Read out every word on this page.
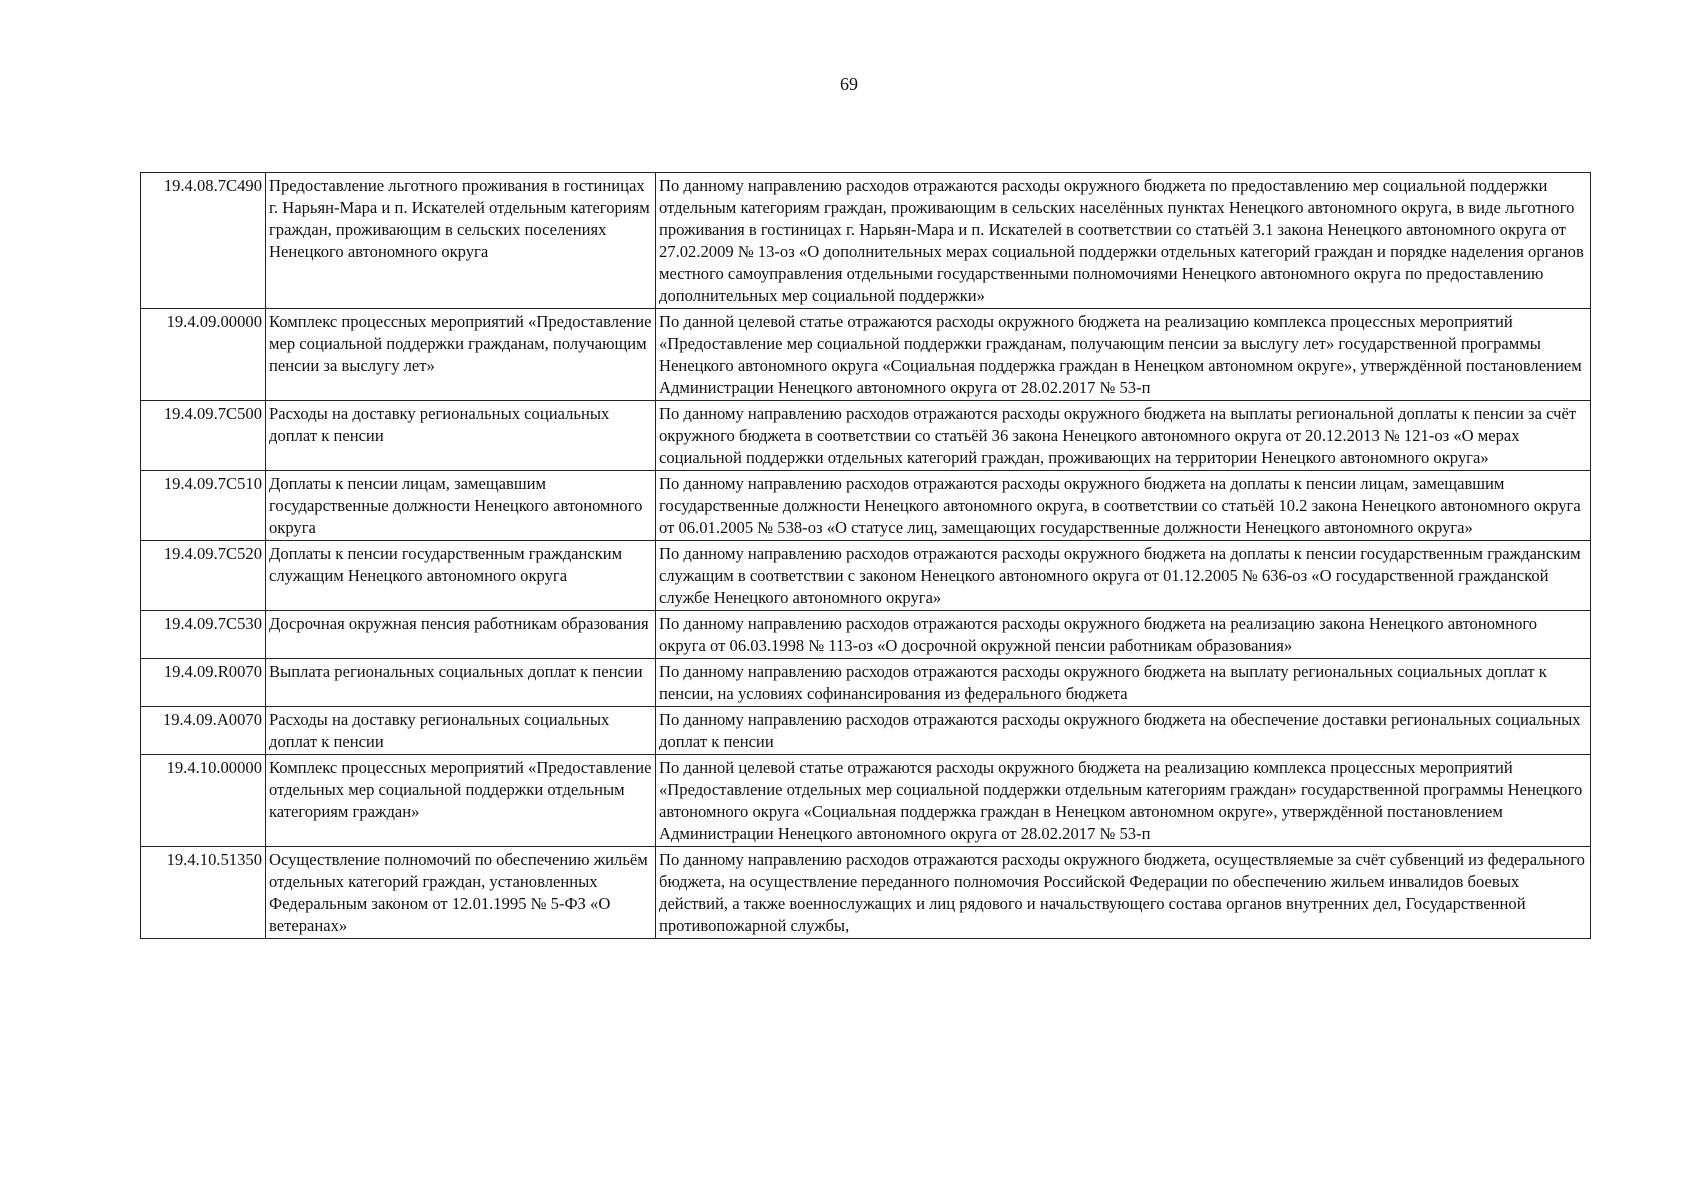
69
19.4.08.7С490	Предоставление льготного проживания в гостиницах г. Нарьян-Мара и п. Искателей отдельным категориям граждан, проживающим в сельских поселениях Ненецкого автономного округа	По данному направлению расходов отражаются расходы окружного бюджета по предоставлению мер социальной поддержки отдельным категориям граждан, проживающим в сельских населённых пунктах Ненецкого автономного округа, в виде льготного проживания в гостиницах г. Нарьян-Мара и п. Искателей в соответствии со статьёй 3.1 закона Ненецкого автономного округа от 27.02.2009 № 13-оз «О дополнительных мерах социальной поддержки отдельных категорий граждан и порядке наделения органов местного самоуправления отдельными государственными полномочиями Ненецкого автономного округа по предоставлению дополнительных мер социальной поддержки»
19.4.09.00000	Комплекс процессных мероприятий «Предоставление мер социальной поддержки гражданам, получающим пенсии за выслугу лет»	По данной целевой статье отражаются расходы окружного бюджета на реализацию комплекса процессных мероприятий «Предоставление мер социальной поддержки гражданам, получающим пенсии за выслугу лет» государственной программы Ненецкого автономного округа «Социальная поддержка граждан в Ненецком автономном округе», утверждённой постановлением Администрации Ненецкого автономного округа от 28.02.2017 № 53-п
19.4.09.7С500	Расходы на доставку региональных социальных доплат к пенсии	По данному направлению расходов отражаются расходы окружного бюджета на выплаты региональной доплаты к пенсии за счёт окружного бюджета в соответствии со статьёй 36 закона Ненецкого автономного округа от 20.12.2013 № 121-оз «О мерах социальной поддержки отдельных категорий граждан, проживающих на территории Ненецкого автономного округа»
19.4.09.7С510	Доплаты к пенсии лицам, замещавшим государственные должности Ненецкого автономного округа	По данному направлению расходов отражаются расходы окружного бюджета на доплаты к пенсии лицам, замещавшим государственные должности Ненецкого автономного округа, в соответствии со статьёй 10.2 закона Ненецкого автономного округа от 06.01.2005 № 538-оз «О статусе лиц, замещающих государственные должности Ненецкого автономного округа»
19.4.09.7С520	Доплаты к пенсии государственным гражданским служащим Ненецкого автономного округа	По данному направлению расходов отражаются расходы окружного бюджета на доплаты к пенсии государственным гражданским служащим в соответствии с законом Ненецкого автономного округа от 01.12.2005 № 636-оз «О государственной гражданской службе Ненецкого автономного округа»
19.4.09.7С530	Досрочная окружная пенсия работникам образования	По данному направлению расходов отражаются расходы окружного бюджета на реализацию закона Ненецкого автономного округа от 06.03.1998 № 113-оз «О досрочной окружной пенсии работникам образования»
19.4.09.R0070	Выплата региональных социальных доплат к пенсии	По данному направлению расходов отражаются расходы окружного бюджета на выплату региональных социальных доплат к пенсии, на условиях софинансирования из федерального бюджета
19.4.09.А0070	Расходы на доставку региональных социальных доплат к пенсии	По данному направлению расходов отражаются расходы окружного бюджета на обеспечение доставки региональных социальных доплат к пенсии
19.4.10.00000	Комплекс процессных мероприятий «Предоставление отдельных мер социальной поддержки отдельным категориям граждан»	По данной целевой статье отражаются расходы окружного бюджета на реализацию комплекса процессных мероприятий «Предоставление отдельных мер социальной поддержки отдельным категориям граждан» государственной программы Ненецкого автономного округа «Социальная поддержка граждан в Ненецком автономном округе», утверждённой постановлением Администрации Ненецкого автономного округа от 28.02.2017 № 53-п
19.4.10.51350	Осуществление полномочий по обеспечению жильём отдельных категорий граждан, установленных Федеральным законом от 12.01.1995 № 5-ФЗ «О ветеранах»	По данному направлению расходов отражаются расходы окружного бюджета, осуществляемые за счёт субвенций из федерального бюджета, на осуществление переданного полномочия Российской Федерации по обеспечению жильем инвалидов боевых действий, а также военнослужащих и лиц рядового и начальствующего состава органов внутренних дел, Государственной противопожарной службы,
